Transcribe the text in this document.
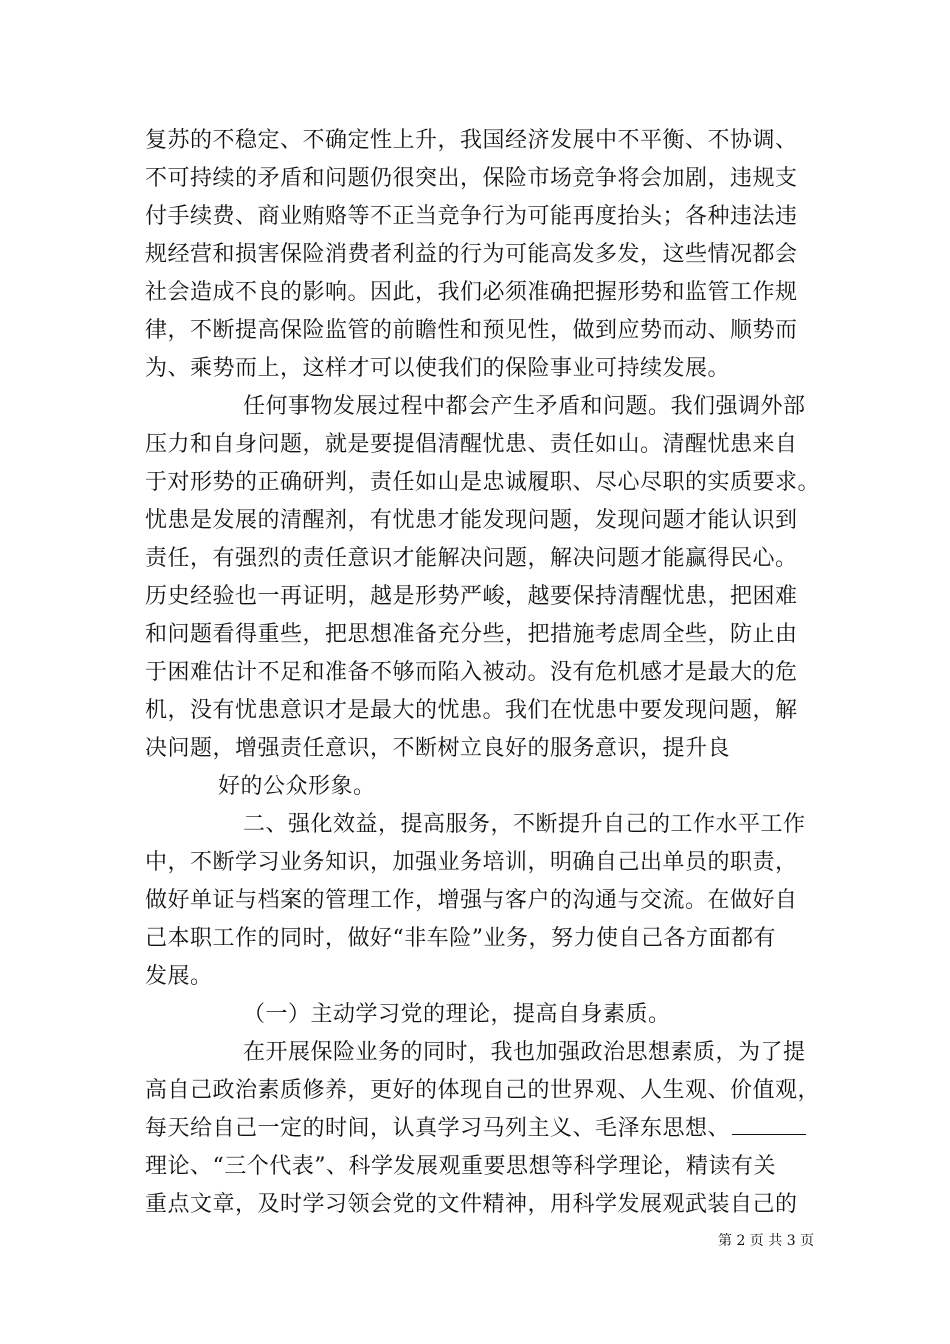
复苏的不稳定、不确定性上升，我国经济发展中不平衡、不协调、
不可持续的矛盾和问题仍很突出，保险市场竞争将会加剧，违规支
付手续费、商业贿赂等不正当竞争行为可能再度抬头；各种违法违
规经营和损害保险消费者利益的行为可能高发多发，这些情况都会
社会造成不良的影响。因此，我们必须准确把握形势和监管工作规
律，不断提高保险监管的前瞻性和预见性，做到应势而动、顺势而
为、乘势而上，这样才可以使我们的保险事业可持续发展。
任何事物发展过程中都会产生矛盾和问题。我们强调外部
压力和自身问题，就是要提倡清醒忧患、责任如山。清醒忧患来自
于对形势的正确研判，责任如山是忠诚履职、尽心尽职的实质要求。
忧患是发展的清醒剂，有忧患才能发现问题，发现问题才能认识到
责任，有强烈的责任意识才能解决问题，解决问题才能赢得民心。
历史经验也一再证明，越是形势严峻，越要保持清醒忧患，把困难
和问题看得重些，把思想准备充分些，把措施考虑周全些，防止由
于困难估计不足和准备不够而陷入被动。没有危机感才是最大的危
机，没有忧患意识才是最大的忧患。我们在忧患中要发现问题，解
决问题，增强责任意识，不断树立良好的服务意识，提升良
好的公众形象。
二、强化效益，提高服务，不断提升自己的工作水平工作
中，不断学习业务知识，加强业务培训，明确自己出单员的职责，
做好单证与档案的管理工作，增强与客户的沟通与交流。在做好自
己本职工作的同时，做好“非车险”业务，努力使自己各方面都有
发展。
（一）主动学习党的理论，提高自身素质。
在开展保险业务的同时，我也加强政治思想素质，为了提
高自己政治素质修养，更好的体现自己的世界观、人生观、价值观，
每天给自己一定的时间，认真学习马列主义、毛泽东思想、
理论、“三个代表”、科学发展观重要思想等科学理论，精读有关
重点文章，及时学习领会党的文件精神，用科学发展观武装自己的
第 2 页 共 3 页
